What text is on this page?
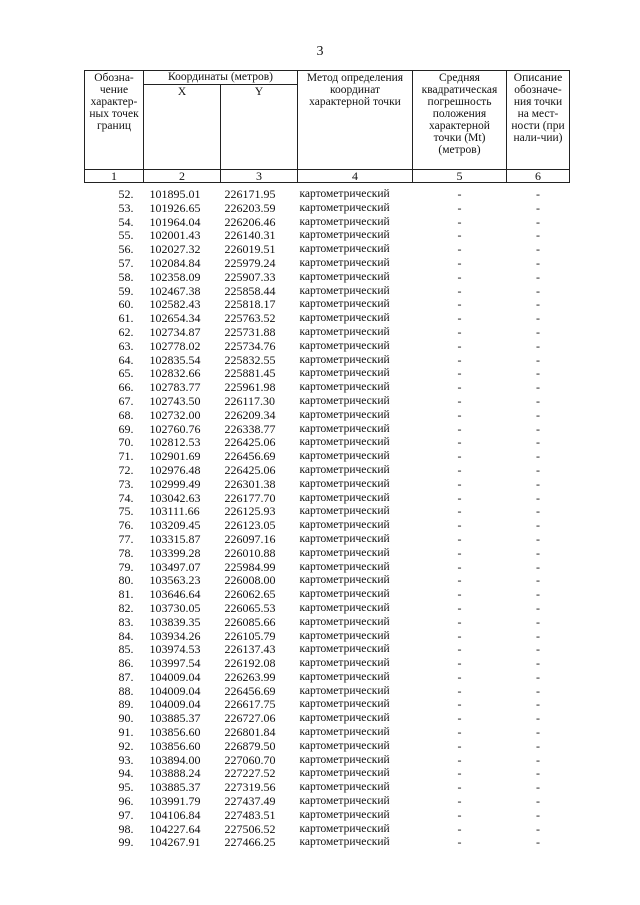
3
Обозна-чение характер-ных точек границ	Координаты (метров)		Метод определения координат характерной точки	Средняя квадратическая погрешность положения характерной точки (Mt) (метров)	Описание обозначе-ния точки на мест-ности (при нали-чии)
	X	Y			
1	2	3	4	5	6
52.	101895.01	226171.95	картометрический	-	-
53.	101926.65	226203.59	картометрический	-	-
54.	101964.04	226206.46	картометрический	-	-
55.	102001.43	226140.31	картометрический	-	-
56.	102027.32	226019.51	картометрический	-	-
57.	102084.84	225979.24	картометрический	-	-
58.	102358.09	225907.33	картометрический	-	-
59.	102467.38	225858.44	картометрический	-	-
60.	102582.43	225818.17	картометрический	-	-
61.	102654.34	225763.52	картометрический	-	-
62.	102734.87	225731.88	картометрический	-	-
63.	102778.02	225734.76	картометрический	-	-
64.	102835.54	225832.55	картометрический	-	-
65.	102832.66	225881.45	картометрический	-	-
66.	102783.77	225961.98	картометрический	-	-
67.	102743.50	226117.30	картометрический	-	-
68.	102732.00	226209.34	картометрический	-	-
69.	102760.76	226338.77	картометрический	-	-
70.	102812.53	226425.06	картометрический	-	-
71.	102901.69	226456.69	картометрический	-	-
72.	102976.48	226425.06	картометрический	-	-
73.	102999.49	226301.38	картометрический	-	-
74.	103042.63	226177.70	картометрический	-	-
75.	103111.66	226125.93	картометрический	-	-
76.	103209.45	226123.05	картометрический	-	-
77.	103315.87	226097.16	картометрический	-	-
78.	103399.28	226010.88	картометрический	-	-
79.	103497.07	225984.99	картометрический	-	-
80.	103563.23	226008.00	картометрический	-	-
81.	103646.64	226062.65	картометрический	-	-
82.	103730.05	226065.53	картометрический	-	-
83.	103839.35	226085.66	картометрический	-	-
84.	103934.26	226105.79	картометрический	-	-
85.	103974.53	226137.43	картометрический	-	-
86.	103997.54	226192.08	картометрический	-	-
87.	104009.04	226263.99	картометрический	-	-
88.	104009.04	226456.69	картометрический	-	-
89.	104009.04	226617.75	картометрический	-	-
90.	103885.37	226727.06	картометрический	-	-
91.	103856.60	226801.84	картометрический	-	-
92.	103856.60	226879.50	картометрический	-	-
93.	103894.00	227060.70	картометрический	-	-
94.	103888.24	227227.52	картометрический	-	-
95.	103885.37	227319.56	картометрический	-	-
96.	103991.79	227437.49	картометрический	-	-
97.	104106.84	227483.51	картометрический	-	-
98.	104227.64	227506.52	картометрический	-	-
99.	104267.91	227466.25	картометрический	-	-
